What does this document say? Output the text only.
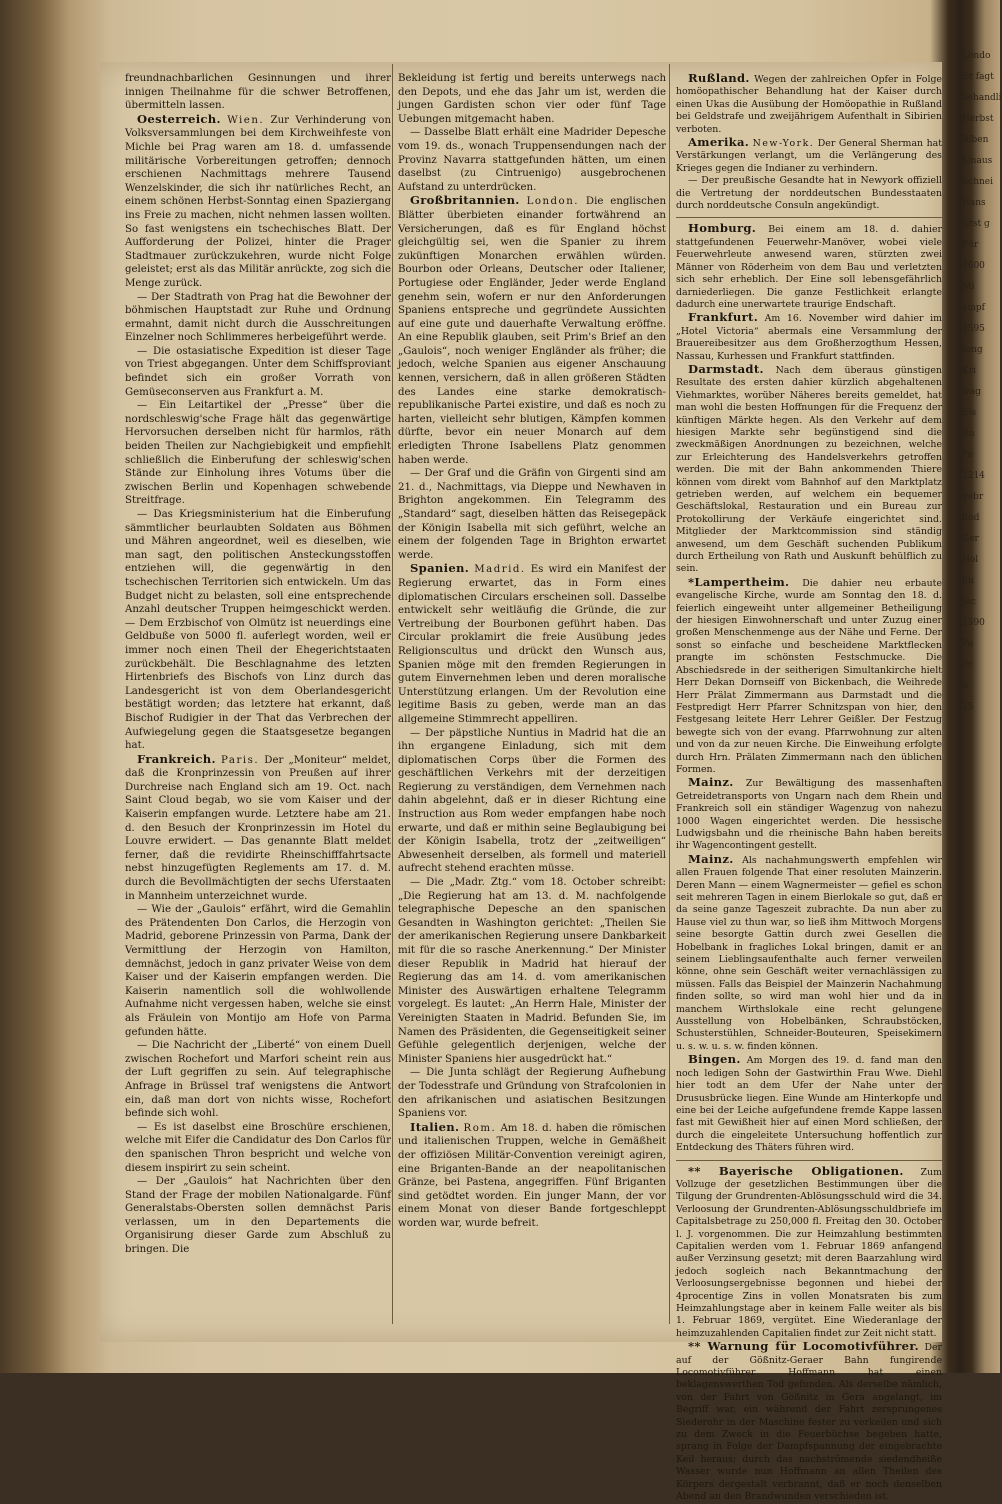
freundnachbarlichen Gesinnungen und ihrer innigen Theilnahme für die schwer Betroffenen, übermitteln lassen.

Oesterreich. Wien. Zur Verhinderung von Volksversammlungen bei dem Kirchweihfeste von Michle bei Prag waren am 18. d. umfassende militärische Vorbereitungen getroffen; dennoch erschienen Nachmittags mehrere Tausend Wenzelskinder, die sich ihr natürliches Recht, an einem schönen Herbst-Sonntag einen Spaziergang ins Freie zu machen, nicht nehmen lassen wollten. So fast wenigstens ein tschechisches Blatt. Der Aufforderung der Polizei, hinter die Prager Stadtmauer zurückzukehren, wurde nicht Folge geleistet; erst als das Militär anrückte, zog sich die Menge zurück.

— Der Stadtrath von Prag hat die Bewohner der böhmischen Hauptstadt zur Ruhe und Ordnung ermahnt, damit nicht durch die Ausschreitungen Einzelner noch Schlimmeres herbeigeführt werde.

— Die ostasiatische Expedition ist dieser Tage von Triest abgegangen. Unter dem Schiffsproviant befindet sich ein großer Vorrath von Gemüseconserven aus Frankfurt a. M.

— Ein Leitartikel der „Presse“ über die nordschleswig'sche Frage hält das gegenwärtige Hervorsuchen derselben nicht für harmlos, räth beiden Theilen zur Nachgiebigkeit und empfiehlt schließlich die Einberufung der schleswig'schen Stände zur Einholung ihres Votums über die zwischen Berlin und Kopenhagen schwebende Streitfrage.

— Das Kriegsministerium hat die Einberufung sämmtlicher beurlaubten Soldaten aus Böhmen und Mähren angeordnet, weil es dieselben, wie man sagt, den politischen Ansteckungsstoffen entziehen will, die gegenwärtig in den tschechischen Territorien sich entwickeln. Um das Budget nicht zu belasten, soll eine entsprechende Anzahl deutscher Truppen heimgeschickt werden. — Dem Erzbischof von Olmütz ist neuerdings eine Geldbuße von 5000 fl. auferlegt worden, weil er immer noch einen Theil der Ehegerichtstaaten zurückbehält. Die Beschlagnahme des letzten Hirtenbriefs des Bischofs von Linz durch das Landesgericht ist von dem Oberlandesgericht bestätigt worden; das letztere hat erkannt, daß Bischof Rudigier in der That das Verbrechen der Aufwiegelung gegen die Staatsgesetze begangen hat.

Frankreich. Paris. Der „Moniteur“ meldet, daß die Kronprinzessin von Preußen auf ihrer Durchreise nach England sich am 19. Oct. nach Saint Cloud begab, wo sie vom Kaiser und der Kaiserin empfangen wurde. Letztere habe am 21. d. den Besuch der Kronprinzessin im Hotel du Louvre erwidert. — Das genannte Blatt meldet ferner, daß die revidirte Rheinschifffahrtsacte nebst hinzugefügten Reglements am 17. d. M. durch die Bevollmächtigten der sechs Uferstaaten in Mannheim unterzeichnet wurde.

— Wie der „Gaulois“ erfährt, wird die Gemahlin des Prätendenten Don Carlos, die Herzogin von Madrid, geborene Prinzessin von Parma, Dank der Vermittlung der Herzogin von Hamilton, demnächst, jedoch in ganz privater Weise von dem Kaiser und der Kaiserin empfangen werden. Die Kaiserin namentlich soll die wohlwollende Aufnahme nicht vergessen haben, welche sie einst als Fräulein von Montijo am Hofe von Parma gefunden hätte.

— Die Nachricht der „Liberté“ von einem Duell zwischen Rochefort und Marfori scheint rein aus der Luft gegriffen zu sein. Auf telegraphische Anfrage in Brüssel traf wenigstens die Antwort ein, daß man dort von nichts wisse, Rochefort befinde sich wohl.

— Es ist daselbst eine Broschüre erschienen, welche mit Eifer die Candidatur des Don Carlos für den spanischen Thron bespricht und welche von diesem inspirirt zu sein scheint.

— Der „Gaulois“ hat Nachrichten über den Stand der Frage der mobilen Nationalgarde. Fünf Generalstabs-Obersten sollen demnächst Paris verlassen, um in den Departements die Organisirung dieser Garde zum Abschluß zu bringen. Die

Bekleidung ist fertig und bereits unterwegs nach den Depots, und ehe das Jahr um ist, werden die jungen Gardisten schon vier oder fünf Tage Uebungen mitgemacht haben.

— Dasselbe Blatt erhält eine Madrider Depesche vom 19. ds., wonach Truppensendungen nach der Provinz Navarra stattgefunden hätten, um einen daselbst (zu Cintruenigo) ausgebrochenen Aufstand zu unterdrücken.

Großbritannien. London. Die englischen Blätter überbieten einander fortwährend an Versicherungen, daß es für England höchst gleichgültig sei, wen die Spanier zu ihrem zukünftigen Monarchen erwählen würden. Bourbon oder Orleans, Deutscher oder Italiener, Portugiese oder Engländer, Jeder werde England genehm sein, wofern er nur den Anforderungen Spaniens entspreche und gegründete Aussichten auf eine gute und dauerhafte Verwaltung eröffne. An eine Republik glauben, seit Prim's Brief an den „Gaulois“, noch weniger Engländer als früher; die jedoch, welche Spanien aus eigener Anschauung kennen, versichern, daß in allen größeren Städten des Landes eine starke demokratisch-republikanische Partei existire, und daß es noch zu harten, vielleicht sehr blutigen, Kämpfen kommen dürfte, bevor ein neuer Monarch auf dem erledigten Throne Isabellens Platz genommen haben werde.

— Der Graf und die Gräfin von Girgenti sind am 21. d., Nachmittags, via Dieppe und Newhaven in Brighton angekommen. Ein Telegramm des „Standard“ sagt, dieselben hätten das Reisegepäck der Königin Isabella mit sich geführt, welche an einem der folgenden Tage in Brighton erwartet werde.

Spanien. Madrid. Es wird ein Manifest der Regierung erwartet, das in Form eines diplomatischen Circulars erscheinen soll. Dasselbe entwickelt sehr weitläufig die Gründe, die zur Vertreibung der Bourbonen geführt haben. Das Circular proklamirt die freie Ausübung jedes Religionscultus und drückt den Wunsch aus, Spanien möge mit den fremden Regierungen in gutem Einvernehmen leben und deren moralische Unterstützung erlangen. Um der Revolution eine legitime Basis zu geben, werde man an das allgemeine Stimmrecht appelliren.

— Der päpstliche Nuntius in Madrid hat die an ihn ergangene Einladung, sich mit dem diplomatischen Corps über die Formen des geschäftlichen Verkehrs mit der derzeitigen Regierung zu verständigen, dem Vernehmen nach dahin abgelehnt, daß er in dieser Richtung eine Instruction aus Rom weder empfangen habe noch erwarte, und daß er mithin seine Beglaubigung bei der Königin Isabella, trotz der „zeitweiligen“ Abwesenheit derselben, als formell und materiell aufrecht stehend erachten müsse.

— Die „Madr. Ztg.“ vom 18. October schreibt: „Die Regierung hat am 13. d. M. nachfolgende telegraphische Depesche an den spanischen Gesandten in Washington gerichtet: „Theilen Sie der amerikanischen Regierung unsere Dankbarkeit mit für die so rasche Anerkennung.“ Der Minister dieser Republik in Madrid hat hierauf der Regierung das am 14. d. vom amerikanischen Minister des Auswärtigen erhaltene Telegramm vorgelegt. Es lautet: „An Herrn Hale, Minister der Vereinigten Staaten in Madrid. Befunden Sie, im Namen des Präsidenten, die Gegenseitigkeit seiner Gefühle gelegentlich derjenigen, welche der Minister Spaniens hier ausgedrückt hat.“

— Die Junta schlägt der Regierung Aufhebung der Todesstrafe und Gründung von Strafcolonien in den afrikanischen und asiatischen Besitzungen Spaniens vor.

Italien. Rom. Am 18. d. haben die römischen und italienischen Truppen, welche in Gemäßheit der offiziösen Militär-Convention vereinigt agiren, eine Briganten-Bande an der neapolitanischen Gränze, bei Pastena, angegriffen. Fünf Briganten sind getödtet worden. Ein junger Mann, der vor einem Monat von dieser Bande fortgeschleppt worden war, wurde befreit.

Rußland. Wegen der zahlreichen Opfer in Folge homöopathischer Behandlung hat der Kaiser durch einen Ukas die Ausübung der Homöopathie in Rußland bei Geldstrafe und zweijährigem Aufenthalt in Sibirien verboten.

Amerika. New-York. Der General Sherman hat Verstärkungen verlangt, um die Verlängerung des Krieges gegen die Indianer zu verhindern.

— Der preußische Gesandte hat in Newyork offiziell die Vertretung der norddeutschen Bundesstaaten durch norddeutsche Consuln angekündigt.

Homburg. Bei einem am 18. d. dahier stattgefundenen Feuerwehr-Manöver, wobei viele Feuerwehrleute anwesend waren, stürzten zwei Männer von Röderheim von dem Bau und verletzten sich sehr erheblich. Der Eine soll lebensgefährlich darniederliegen. Die ganze Festlichkeit erlangte dadurch eine unerwartete traurige Endschaft.

Frankfurt. Am 16. November wird dahier im „Hotel Victoria“ abermals eine Versammlung der Brauereibesitzer aus dem Großherzogthum Hessen, Nassau, Kurhessen und Frankfurt stattfinden.

Darmstadt. Nach dem überaus günstigen Resultate des ersten dahier kürzlich abgehaltenen Viehmarktes, worüber Näheres bereits gemeldet, hat man wohl die besten Hoffnungen für die Frequenz der künftigen Märkte hegen. Als den Verkehr auf dem hiesigen Markte sehr begünstigend sind die zweckmäßigen Anordnungen zu bezeichnen, welche zur Erleichterung des Handelsverkehrs getroffen werden. Die mit der Bahn ankommenden Thiere können vom direkt vom Bahnhof auf den Marktplatz getrieben werden, auf welchem ein bequemer Geschäftslokal, Restauration und ein Bureau zur Protokollirung der Verkäufe eingerichtet sind. Mitglieder der Marktcommission sind ständig anwesend, um dem Geschäft suchenden Publikum durch Ertheilung von Rath und Auskunft behülflich zu sein.

*Lampertheim. Die dahier neu erbaute evangelische Kirche, wurde am Sonntag den 18. d. feierlich eingeweiht unter allgemeiner Betheiligung der hiesigen Einwohnerschaft und unter Zuzug einer großen Menschenmenge aus der Nähe und Ferne. Der sonst so einfache und bescheidene Marktflecken prangte im schönsten Festschmucke. Die Abschiedsrede in der seitherigen Simultankirche hielt Herr Dekan Dornseiff von Bickenbach, die Weihrede Herr Prälat Zimmermann aus Darmstadt und die Festpredigt Herr Pfarrer Schnitzspan von hier, den Festgesang leitete Herr Lehrer Geißler. Der Festzug bewegte sich von der evang. Pfarrwohnung zur alten und von da zur neuen Kirche. Die Einweihung erfolgte durch Hrn. Prälaten Zimmermann nach den üblichen Formen.

Mainz. Zur Bewältigung des massenhaften Getreidetransports von Ungarn nach dem Rhein und Frankreich soll ein ständiger Wagenzug von nahezu 1000 Wagen eingerichtet werden. Die hessische Ludwigsbahn und die rheinische Bahn haben bereits ihr Wagencontingent gestellt.

Mainz. Als nachahmungswerth empfehlen wir allen Frauen folgende That einer resoluten Mainzerin. Deren Mann — einem Wagnermeister — gefiel es schon seit mehreren Tagen in einem Bierlokale so gut, daß er da seine ganze Tageszeit zubrachte. Da nun aber zu Hause viel zu thun war, so ließ ihm Mittwoch Morgens seine besorgte Gattin durch zwei Gesellen die Hobelbank in fragliches Lokal bringen, damit er an seinem Lieblingsaufenthalte auch ferner verweilen könne, ohne sein Geschäft weiter vernachlässigen zu müssen. Falls das Beispiel der Mainzerin Nachahmung finden sollte, so wird man wohl hier und da in manchem Wirthslokale eine recht gelungene Ausstellung von Hobelbänken, Schraubstöcken, Schusterstühlen, Schneider-Bouteuren, Speisekimern u. s. w. u. s. w. finden können.

Bingen. Am Morgen des 19. d. fand man den noch ledigen Sohn der Gastwirthin Frau Wwe. Diehl hier todt an dem Ufer der Nahe unter der Drususbrücke liegen. Eine Wunde am Hinterkopfe und eine bei der Leiche aufgefundene fremde Kappe lassen fast mit Gewißheit hier auf einen Mord schließen, der durch die eingeleitete Untersuchung hoffentlich zur Entdeckung des Thäters führen wird.

** Bayerische Obligationen. Zum Vollzuge der gesetzlichen Bestimmungen über die Tilgung der Grundrenten-Ablösungsschuld wird die 34. Verloosung der Grundrenten-Ablösungsschuldbriefe im Capitalsbetrage zu 250,000 fl. Freitag den 30. October l. J. vorgenommen. Die zur Heimzahlung bestimmten Capitalien werden vom 1. Februar 1869 anfangend außer Verzinsung gesetzt; mit deren Baarzahlung wird jedoch sogleich nach Bekanntmachung der Verloosungsergebnisse begonnen und hiebei der 4procentige Zins in vollen Monatsraten bis zum Heimzahlungstage aber in keinem Falle weiter als bis 1. Februar 1869, vergütet. Eine Wiederanlage der heimzuzahlenden Capitalien findet zur Zeit nicht statt.

** Warnung für Locomotivführer. Der auf der Gößnitz-Geraer Bahn fungirende Locomotivführer Hoffmann hat einen beklagenswerthen Tod gefunden. Als derselbe nämlich, von der Fahrt von Gößnitz in Gera angelangt, im Begriff war, ein während der Fahrt zersprungenes Siederohr in der Maschine fester zu verkeilen und sich zu dem Zweck in die Feuerbüchse begeben hatte, sprang in Folge der Dampfspannung der eingebrachte Keil heraus; durch das nachströmende siedendheiße Wasser wurde nun Hoffmann an allen Theilen des Körpers dergestalt verbrannt, daß er noch denselben Abend an den Brandwunden verschieden ist.

Londo
Er fagt
behandli
Herbst
Biben
hinaus
Schnei
Hans
Erst g
Für
2600
Sti
empf
2595
fung
Kri
wag
Eis
Ru
Fe
2214
gebr
find
Ger
Hol
fin
Jac
2590
Pa
Fr
S
25
